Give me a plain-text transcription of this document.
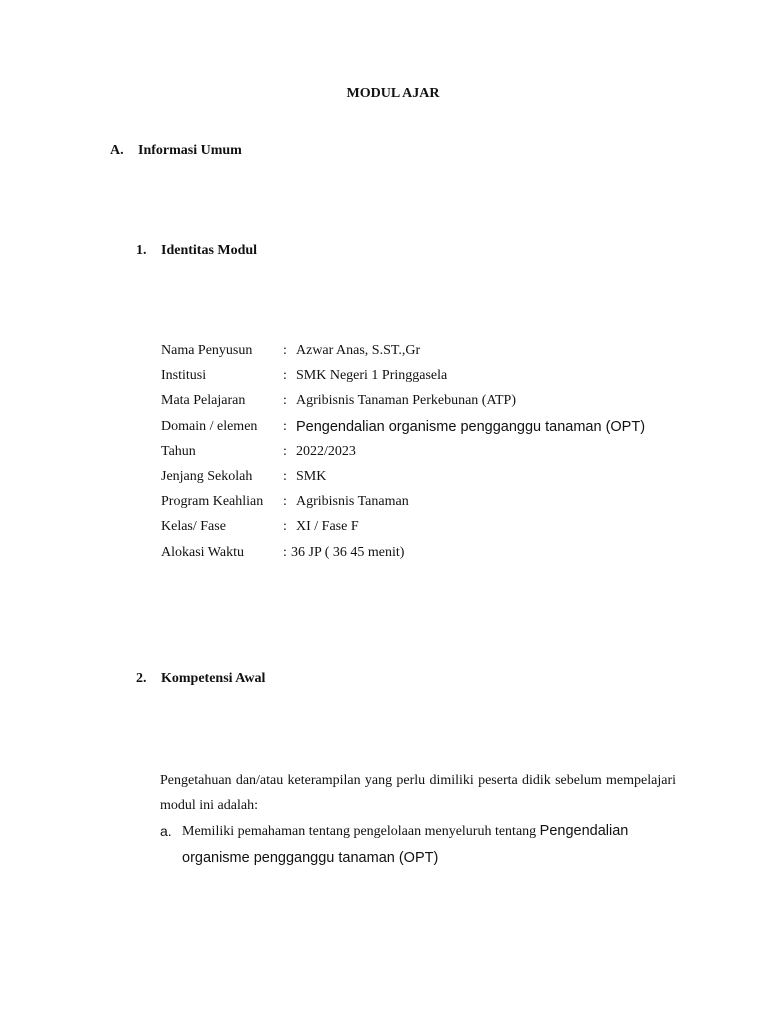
MODUL AJAR
A. Informasi Umum
1. Identitas Modul
Nama Penyusun	: Azwar Anas, S.ST.,Gr
Institusi	: SMK Negeri 1 Pringgasela
Mata Pelajaran	: Agribisnis Tanaman Perkebunan (ATP)
Domain / elemen	: Pengendalian organisme pengganggu tanaman (OPT)
Tahun	: 2022/2023
Jenjang Sekolah	: SMK
Program Keahlian	: Agribisnis Tanaman
Kelas/ Fase	: XI / Fase F
Alokasi Waktu	: 36 JP ( 36 45 menit)
2. Kompetensi Awal
Pengetahuan dan/atau keterampilan yang perlu dimiliki peserta didik sebelum mempelajari modul ini adalah:
a. Memiliki pemahaman tentang pengelolaan menyeluruh tentang Pengendalian organisme pengganggu tanaman (OPT)
